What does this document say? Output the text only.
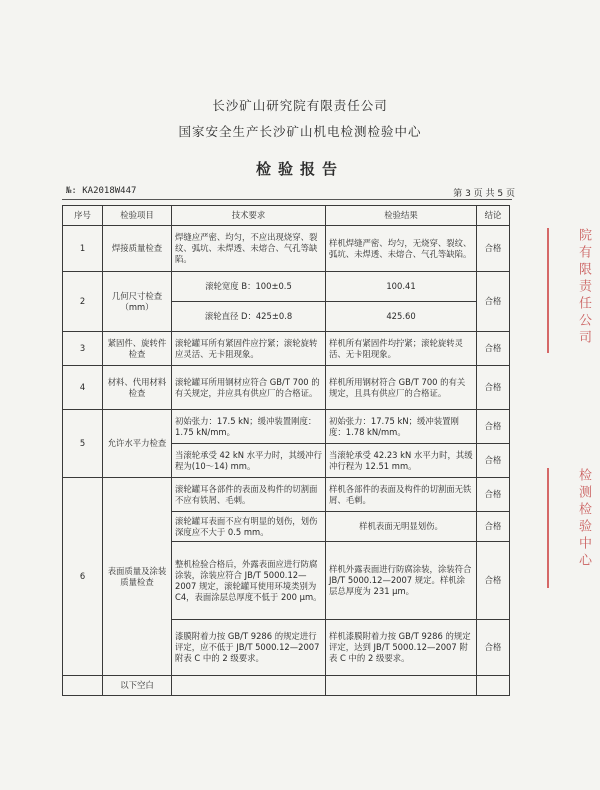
长沙矿山研究院有限责任公司
国家安全生产长沙矿山机电检测检验中心
检验报告
№: KA2018W447	第 3 页 共 5 页
序号	检验项目	技术要求	检验结果	结论
1	焊接质量检查	焊缝应严密、均匀，不应出现烧穿、裂纹、弧坑、未焊透、未熔合、气孔等缺陷。	样机焊缝严密、均匀，无烧穿、裂纹、弧坑、未焊透、未熔合、气孔等缺陷。	合格
2	几何尺寸检查（mm）	滚轮宽度 B：100±0.5	100.41	合格
		滚轮直径 D：425±0.8	425.60	
3	紧固件、旋转件检查	滚轮罐耳所有紧固件应拧紧；滚轮旋转应灵活、无卡阻现象。	样机所有紧固件均拧紧；滚轮旋转灵活、无卡阻现象。	合格
4	材料、代用材料检查	滚轮罐耳所用钢材应符合 GB/T 700 的有关规定，并应具有供应厂的合格证。	样机所用钢材符合 GB/T 700 的有关规定，且具有供应厂的合格证。	合格
5	允许水平力检查	初始张力：17.5 kN；缓冲装置刚度：1.75 kN/mm。	初始张力：17.75 kN；缓冲装置刚度：1.78 kN/mm。	合格
		当滚轮承受 42 kN 水平力时，其缓冲行程为(10～14) mm。	当滚轮承受 42.23 kN 水平力时，其缓冲行程为 12.51 mm。	合格
6	表面质量及涂装质量检查	滚轮罐耳各部件的表面及构件的切割面不应有铁屑、毛刺。	样机各部件的表面及构件的切割面无铁屑、毛刺。	合格
		滚轮罐耳表面不应有明显的划伤，划伤深度应不大于 0.5 mm。	样机表面无明显划伤。	合格
		整机检验合格后，外露表面应进行防腐涂装，涂装应符合 JB/T 5000.12—2007 规定，滚轮罐耳使用环境类别为 C4，表面涂层总厚度不低于 200 μm。	样机外露表面进行防腐涂装，涂装符合 JB/T 5000.12—2007 规定。样机涂层总厚度为 231 μm。	合格
		漆膜附着力按 GB/T 9286 的规定进行评定，应不低于 JB/T 5000.12—2007 附表 C 中的 2 级要求。	样机漆膜附着力按 GB/T 9286 的规定评定，达到 JB/T 5000.12—2007 附表 C 中的 2 级要求。	合格
	以下空白			
院有限责任公司
检测检验中心
